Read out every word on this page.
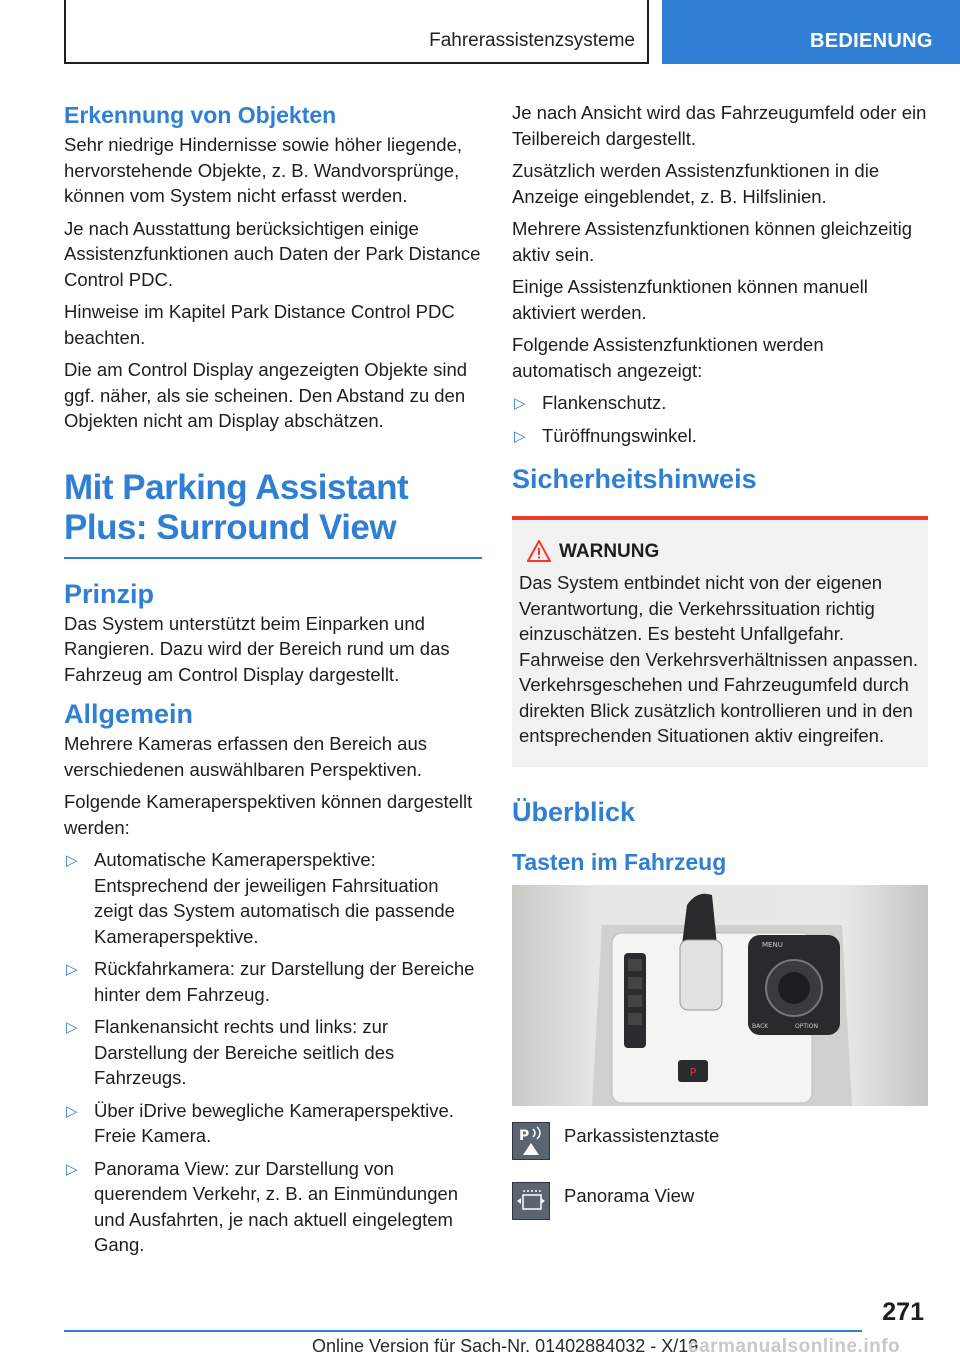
Fahrerassistenzsysteme	BEDIENUNG
Erkennung von Objekten

Sehr niedrige Hindernisse sowie höher liegende, hervorstehende Objekte, z. B. Wandvorsprünge, können vom System nicht erfasst werden.

Je nach Ausstattung berücksichtigen einige Assistenzfunktionen auch Daten der Park Distance Control PDC.

Hinweise im Kapitel Park Distance Control PDC beachten.

Die am Control Display angezeigten Objekte sind ggf. näher, als sie scheinen. Den Abstand zu den Objekten nicht am Display abschätzen.

Mit Parking Assistant Plus: Surround View
Prinzip

Das System unterstützt beim Einparken und Rangieren. Dazu wird der Bereich rund um das Fahrzeug am Control Display dargestellt.

Allgemein

Mehrere Kameras erfassen den Bereich aus verschiedenen auswählbaren Perspektiven.

Folgende Kameraperspektiven können dargestellt werden:

▷ Automatische Kameraperspektive: Entsprechend der jeweiligen Fahrsituation zeigt das System automatisch die passende Kameraperspektive.
▷ Rückfahrkamera: zur Darstellung der Bereiche hinter dem Fahrzeug.
▷ Flankenansicht rechts und links: zur Darstellung der Bereiche seitlich des Fahrzeugs.
▷ Über iDrive bewegliche Kameraperspektive. Freie Kamera.
▷ Panorama View: zur Darstellung von querendem Verkehr, z. B. an Einmündungen und Ausfahrten, je nach aktuell eingelegtem Gang.

Je nach Ansicht wird das Fahrzeugumfeld oder ein Teilbereich dargestellt.

Zusätzlich werden Assistenzfunktionen in die Anzeige eingeblendet, z. B. Hilfslinien.

Mehrere Assistenzfunktionen können gleichzeitig aktiv sein.

Einige Assistenzfunktionen können manuell aktiviert werden.

Folgende Assistenzfunktionen werden automatisch angezeigt:

▷ Flankenschutz.
▷ Türöffnungswinkel.
Sicherheitshinweis
WARNUNG

Das System entbindet nicht von der eigenen Verantwortung, die Verkehrssituation richtig einzuschätzen. Es besteht Unfallgefahr. Fahrweise den Verkehrsverhältnissen anpassen. Verkehrsgeschehen und Fahrzeugumfeld durch direkten Blick zusätzlich kontrollieren und in den entsprechenden Situationen aktiv eingreifen.

Überblick
Tasten im Fahrzeug
P
MENU
BACK	OPTION
P Parkassistenztaste
Panorama View
271
Online Version für Sach-Nr. 01402884032 - X/19
carmanualsonline.info
